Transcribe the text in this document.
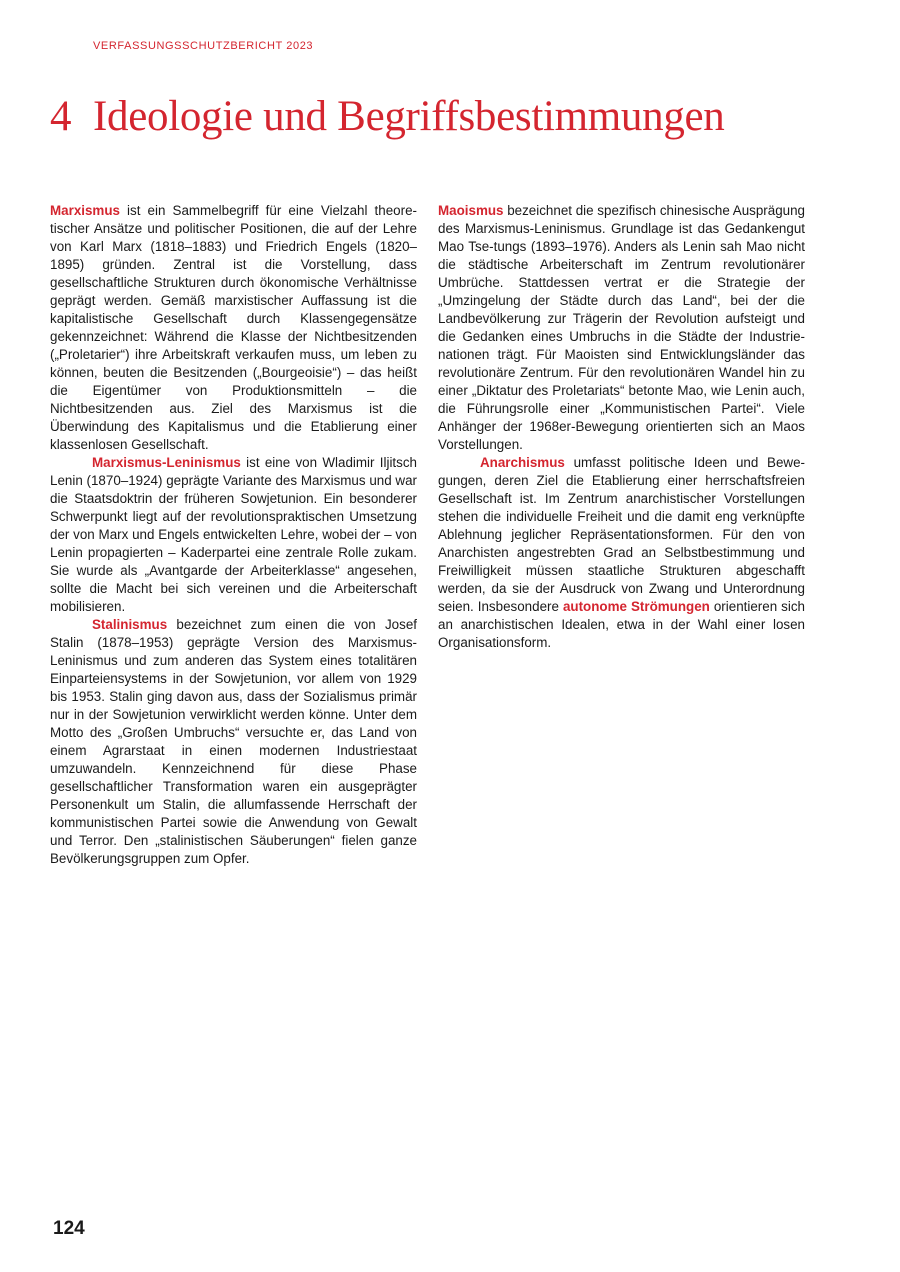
VERFASSUNGSSCHUTZBERICHT 2023
4 Ideologie und Begriffsbestimmungen

Marxismus ist ein Sammelbegriff für eine Vielzahl theoretischer Ansätze und politischer Positionen, die auf der Lehre von Karl Marx (1818–1883) und Friedrich Engels (1820–1895) gründen. Zentral ist die Vorstellung, dass gesellschaftliche Strukturen durch ökonomische Verhältnisse geprägt werden. Gemäß marxistischer Auffassung ist die kapitalistische Gesellschaft durch Klassengegensätze gekennzeichnet: Während die Klasse der Nichtbesitzenden („Proletarier“) ihre Arbeitskraft verkaufen muss, um leben zu können, beuten die Besitzenden („Bourgeoisie“) – das heißt die Eigentümer von Produktionsmitteln – die Nichtbesitzenden aus. Ziel des Marxismus ist die Überwindung des Kapitalismus und die Etablierung einer klassenlosen Gesellschaft.

Marxismus-Leninismus ist eine von Wladimir Iljitsch Lenin (1870–1924) geprägte Variante des Marxismus und war die Staatsdoktrin der früheren Sowjetunion. Ein besonderer Schwerpunkt liegt auf der revolutionspraktischen Umsetzung der von Marx und Engels entwickelten Lehre, wobei der – von Lenin propagierten – Kaderpartei eine zentrale Rolle zukam. Sie wurde als „Avantgarde der Arbeiterklasse“ angesehen, sollte die Macht bei sich vereinen und die Arbeiterschaft mobilisieren.

Stalinismus bezeichnet zum einen die von Josef Stalin (1878–1953) geprägte Version des Marxismus-Leninismus und zum anderen das System eines totalitären Einparteiensystems in der Sowjetunion, vor allem von 1929 bis 1953. Stalin ging davon aus, dass der Sozialismus primär nur in der Sowjetunion verwirklicht werden könne. Unter dem Motto des „Großen Umbruchs“ versuchte er, das Land von einem Agrarstaat in einen modernen Industriestaat umzuwandeln. Kennzeichnend für diese Phase gesellschaftlicher Transformation waren ein ausgeprägter Personenkult um Stalin, die allumfassende Herrschaft der kommunistischen Partei sowie die Anwendung von Gewalt und Terror. Den „stalinistischen Säuberungen“ fielen ganze Bevölkerungsgruppen zum Opfer.

Maoismus bezeichnet die spezifisch chinesische Ausprägung des Marxismus-Leninismus. Grundlage ist das Gedankengut Mao Tse-tungs (1893–1976). Anders als Lenin sah Mao nicht die städtische Arbeiterschaft im Zentrum revolutionärer Umbrüche. Stattdessen vertrat er die Strategie der „Umzingelung der Städte durch das Land“, bei der die Landbevölkerung zur Trägerin der Revolution aufsteigt und die Gedanken eines Umbruchs in die Städte der Industrienationen trägt. Für Maoisten sind Entwicklungsländer das revolutionäre Zentrum. Für den revolutionären Wandel hin zu einer „Diktatur des Proletariats“ betonte Mao, wie Lenin auch, die Führungsrolle einer „Kommunistischen Partei“. Viele Anhänger der 1968er-Bewegung orientierten sich an Maos Vorstellungen.

Anarchismus umfasst politische Ideen und Bewegungen, deren Ziel die Etablierung einer herrschaftsfreien Gesellschaft ist. Im Zentrum anarchistischer Vorstellungen stehen die individuelle Freiheit und die damit eng verknüpfte Ablehnung jeglicher Repräsentationsformen. Für den von Anarchisten angestrebten Grad an Selbstbestimmung und Freiwilligkeit müssen staatliche Strukturen abgeschafft werden, da sie der Ausdruck von Zwang und Unterordnung seien. Insbesondere autonome Strömungen orientieren sich an anarchistischen Idealen, etwa in der Wahl einer losen Organisationsform.

124
